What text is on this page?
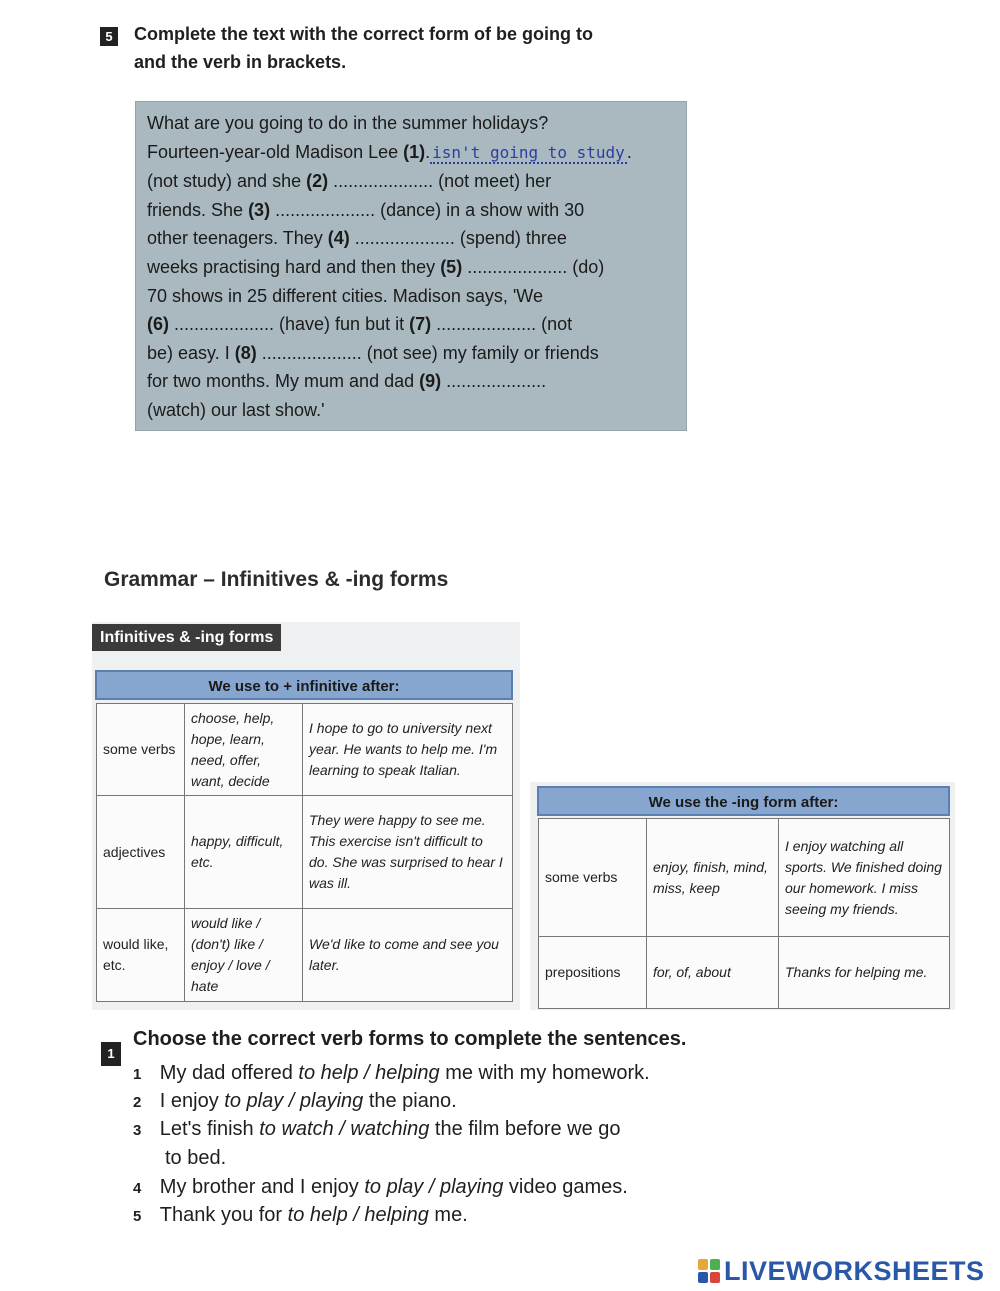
5 Complete the text with the correct form of be going to
and the verb in brackets.
What are you going to do in the summer holidays?
Fourteen-year-old Madison Lee (1). isn't going to study .
(not study) and she (2) .................... (not meet) her
friends. She (3) .................... (dance) in a show with 30
other teenagers. They (4) .................... (spend) three
weeks practising hard and then they (5) .................... (do)
70 shows in 25 different cities. Madison says, 'We
(6) .................... (have) fun but it (7) .................... (not
be) easy. I (8) .................... (not see) my family or friends
for two months. My mum and dad (9) ....................
(watch) our last show.'
Grammar – Infinitives & -ing forms
Infinitives & -ing forms
We use to + infinitive after:
some verbs	choose, help, hope, learn, need, offer, want, decide	I hope to go to university next year. He wants to help me. I'm learning to speak Italian.
adjectives	happy, difficult, etc.	They were happy to see me. This exercise isn't difficult to do. She was surprised to hear I was ill.
would like, etc.	would like / (don't) like / enjoy / love / hate	We'd like to come and see you later.
We use the -ing form after:
some verbs	enjoy, finish, mind, miss, keep	I enjoy watching all sports. We finished doing our homework. I miss seeing my friends.
prepositions	for, of, about	Thanks for helping me.
1
Choose the correct verb forms to complete the sentences.
1 My dad offered to help / helping me with my homework.
2 I enjoy to play / playing the piano.
3 Let's finish to watch / watching the film before we go
to bed.
4 My brother and I enjoy to play / playing video games.
5 Thank you for to help / helping me.
LIVEWORKSHEETS
